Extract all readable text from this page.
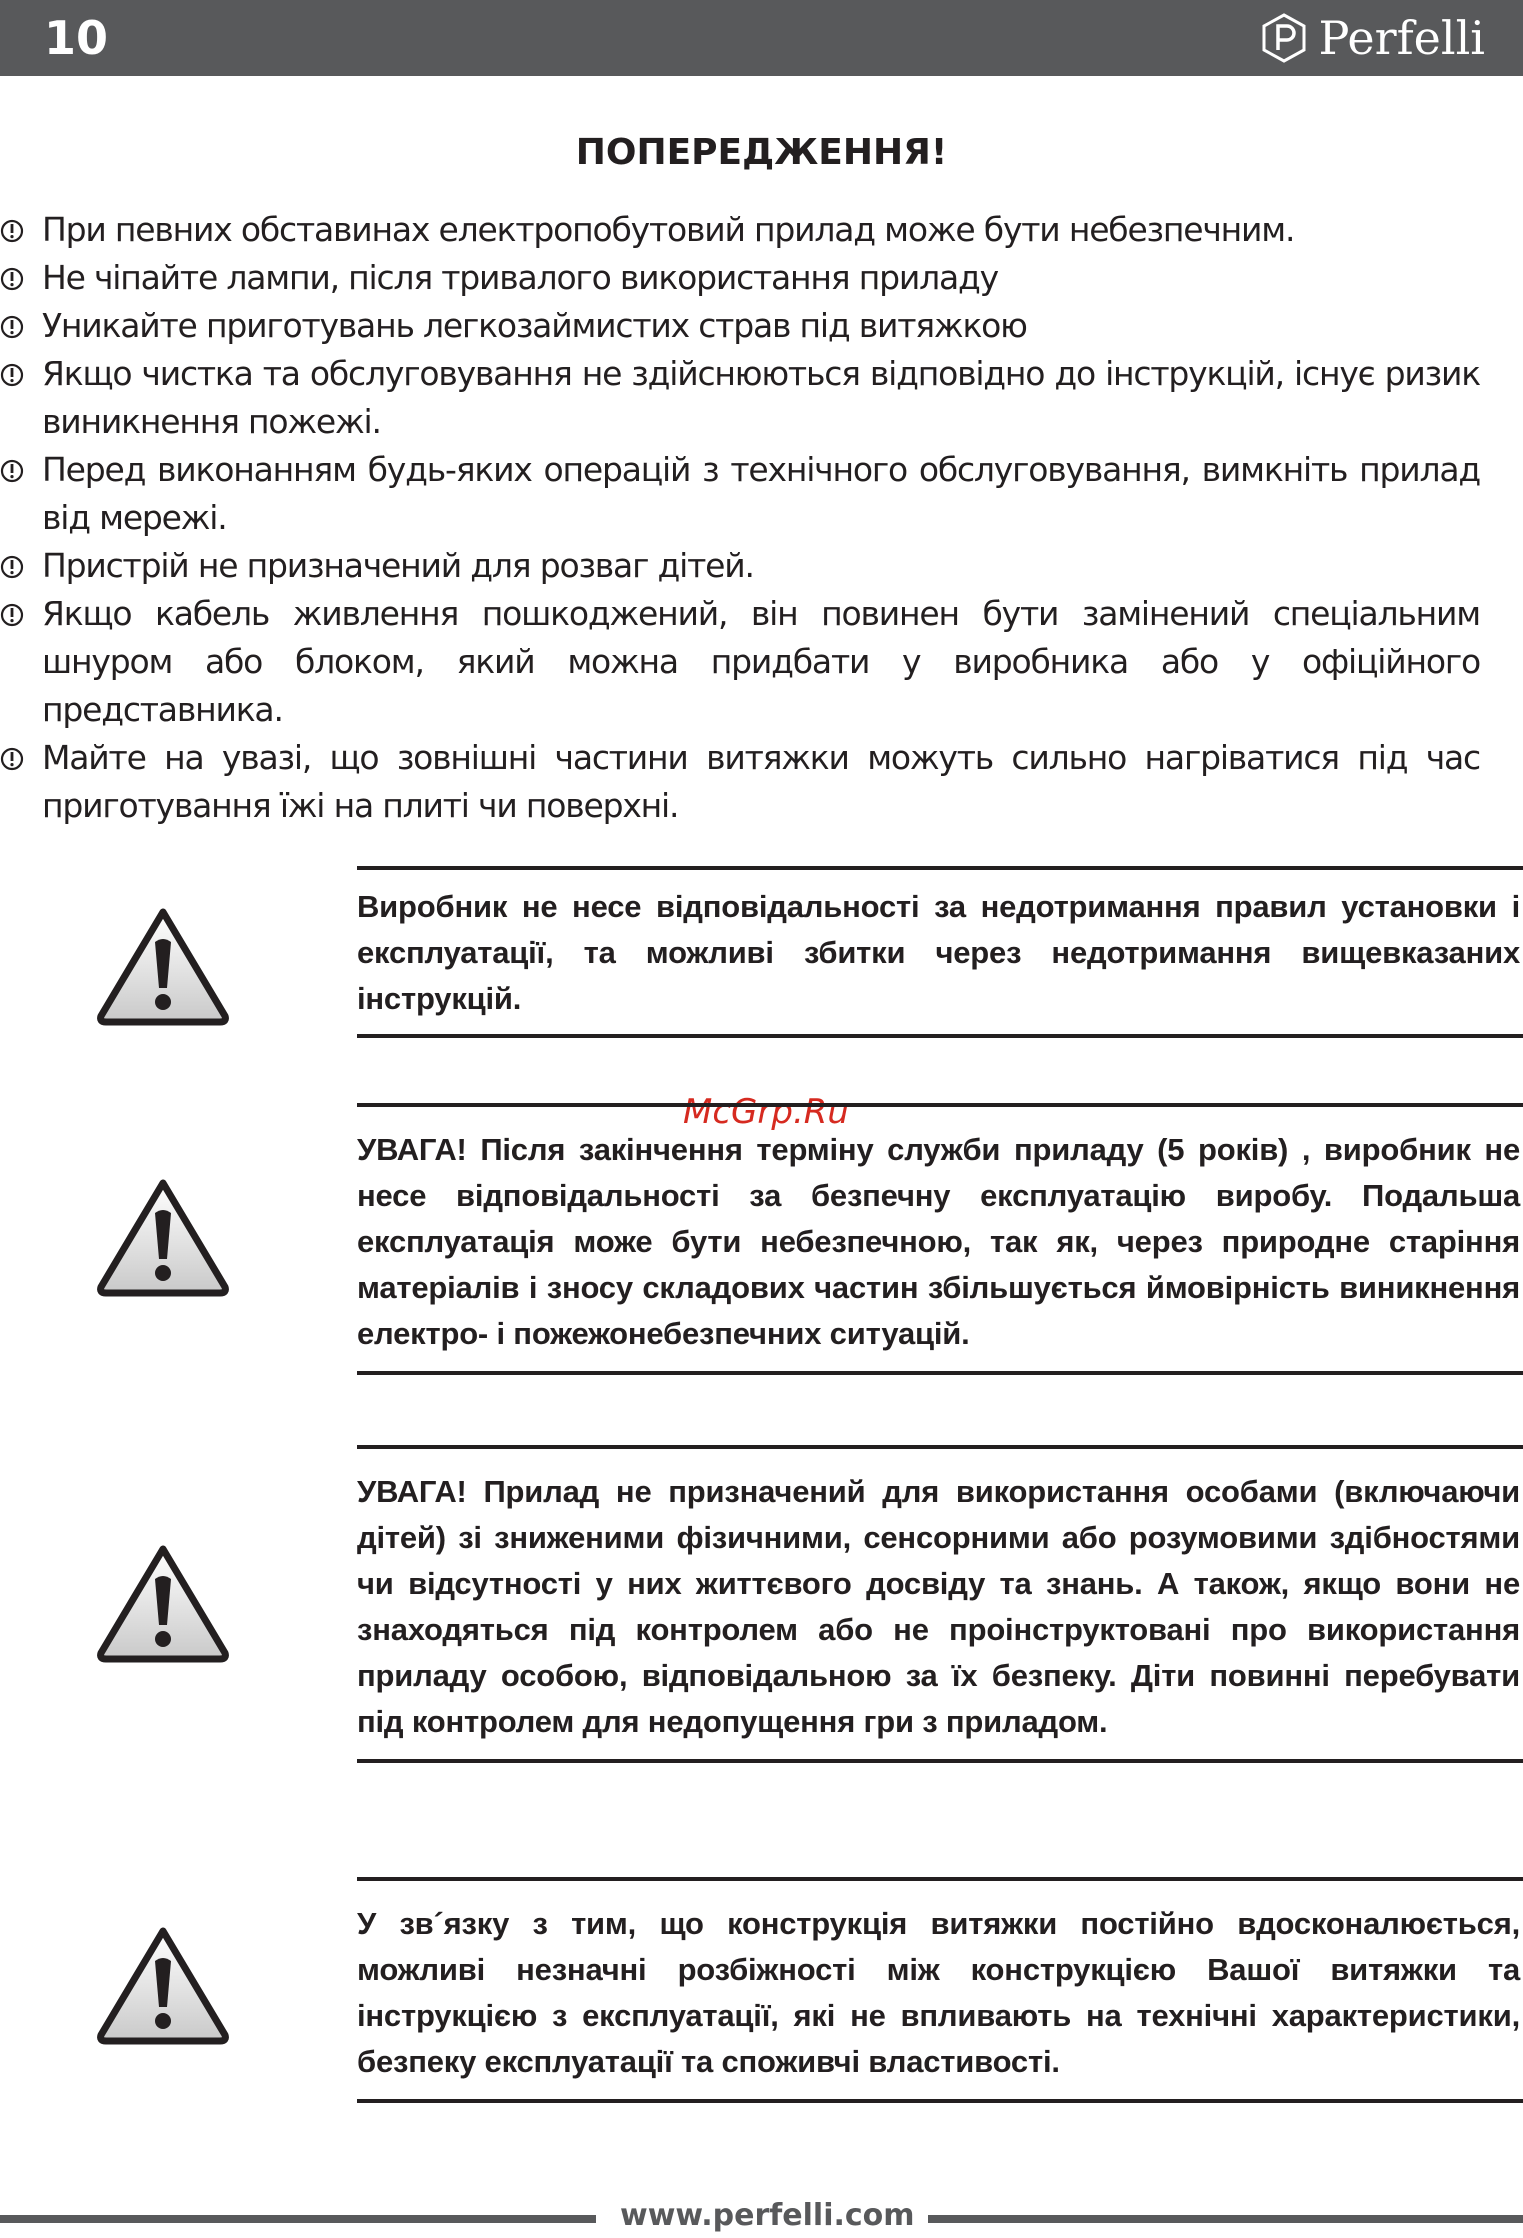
10	Perfelli
ПОПЕРЕДЖЕННЯ!
При певних обставинах електропобутовий прилад може бути небезпечним.
Не чіпайте лампи, після тривалого використання приладу
Уникайте приготувань легкозаймистих страв під витяжкою
Якщо чистка та обслуговування не здійснюються відповідно до інструкцій, існує ризик виникнення пожежі.
Перед виконанням будь-яких операцій з технічного обслуговування, вимкніть прилад від мережі.
Пристрій не призначений для розваг дітей.
Якщо кабель живлення пошкоджений, він повинен бути замінений спеціальним шнуром або блоком, який можна придбати у виробника або у офіційного представника.
Майте на увазі, що зовнішні частини витяжки можуть сильно нагріватися під час приготування їжі на плиті чи поверхні.

Виробник не несе відповідальності за недотримання правил установки і експлуатації, та можливі збитки через недотримання вищевказаних інструкцій.

McGrp.Ru

УВАГА! Після закінчення терміну служби приладу (5 років) , виробник не несе відповідальності за безпечну експлуатацію виробу. Подальша експлуатація може бути небезпечною, так як, через природне старіння матеріалів і зносу складових частин збільшується ймовірність виникнення електро- і пожежонебезпечних ситуацій.

УВАГА! Прилад не призначений для використання особами (включаючи дітей) зі зниженими фізичними, сенсорними або розумовими здібностями чи відсутності у них життєвого досвіду та знань. А також, якщо вони не знаходяться під контролем або не проінструктовані про використання приладу особою, відповідальною за їх безпеку. Діти повинні перебувати під контролем для недопущення гри з приладом.

У зв´язку з тим, що конструкція витяжки постійно вдосконалюється, можливі незначні розбіжності між конструкцією Вашої витяжки та інструкцією з експлуатації, які не впливають на технічні характеристики, безпеку експлуатації та споживчі властивості.

www.perfelli.com
